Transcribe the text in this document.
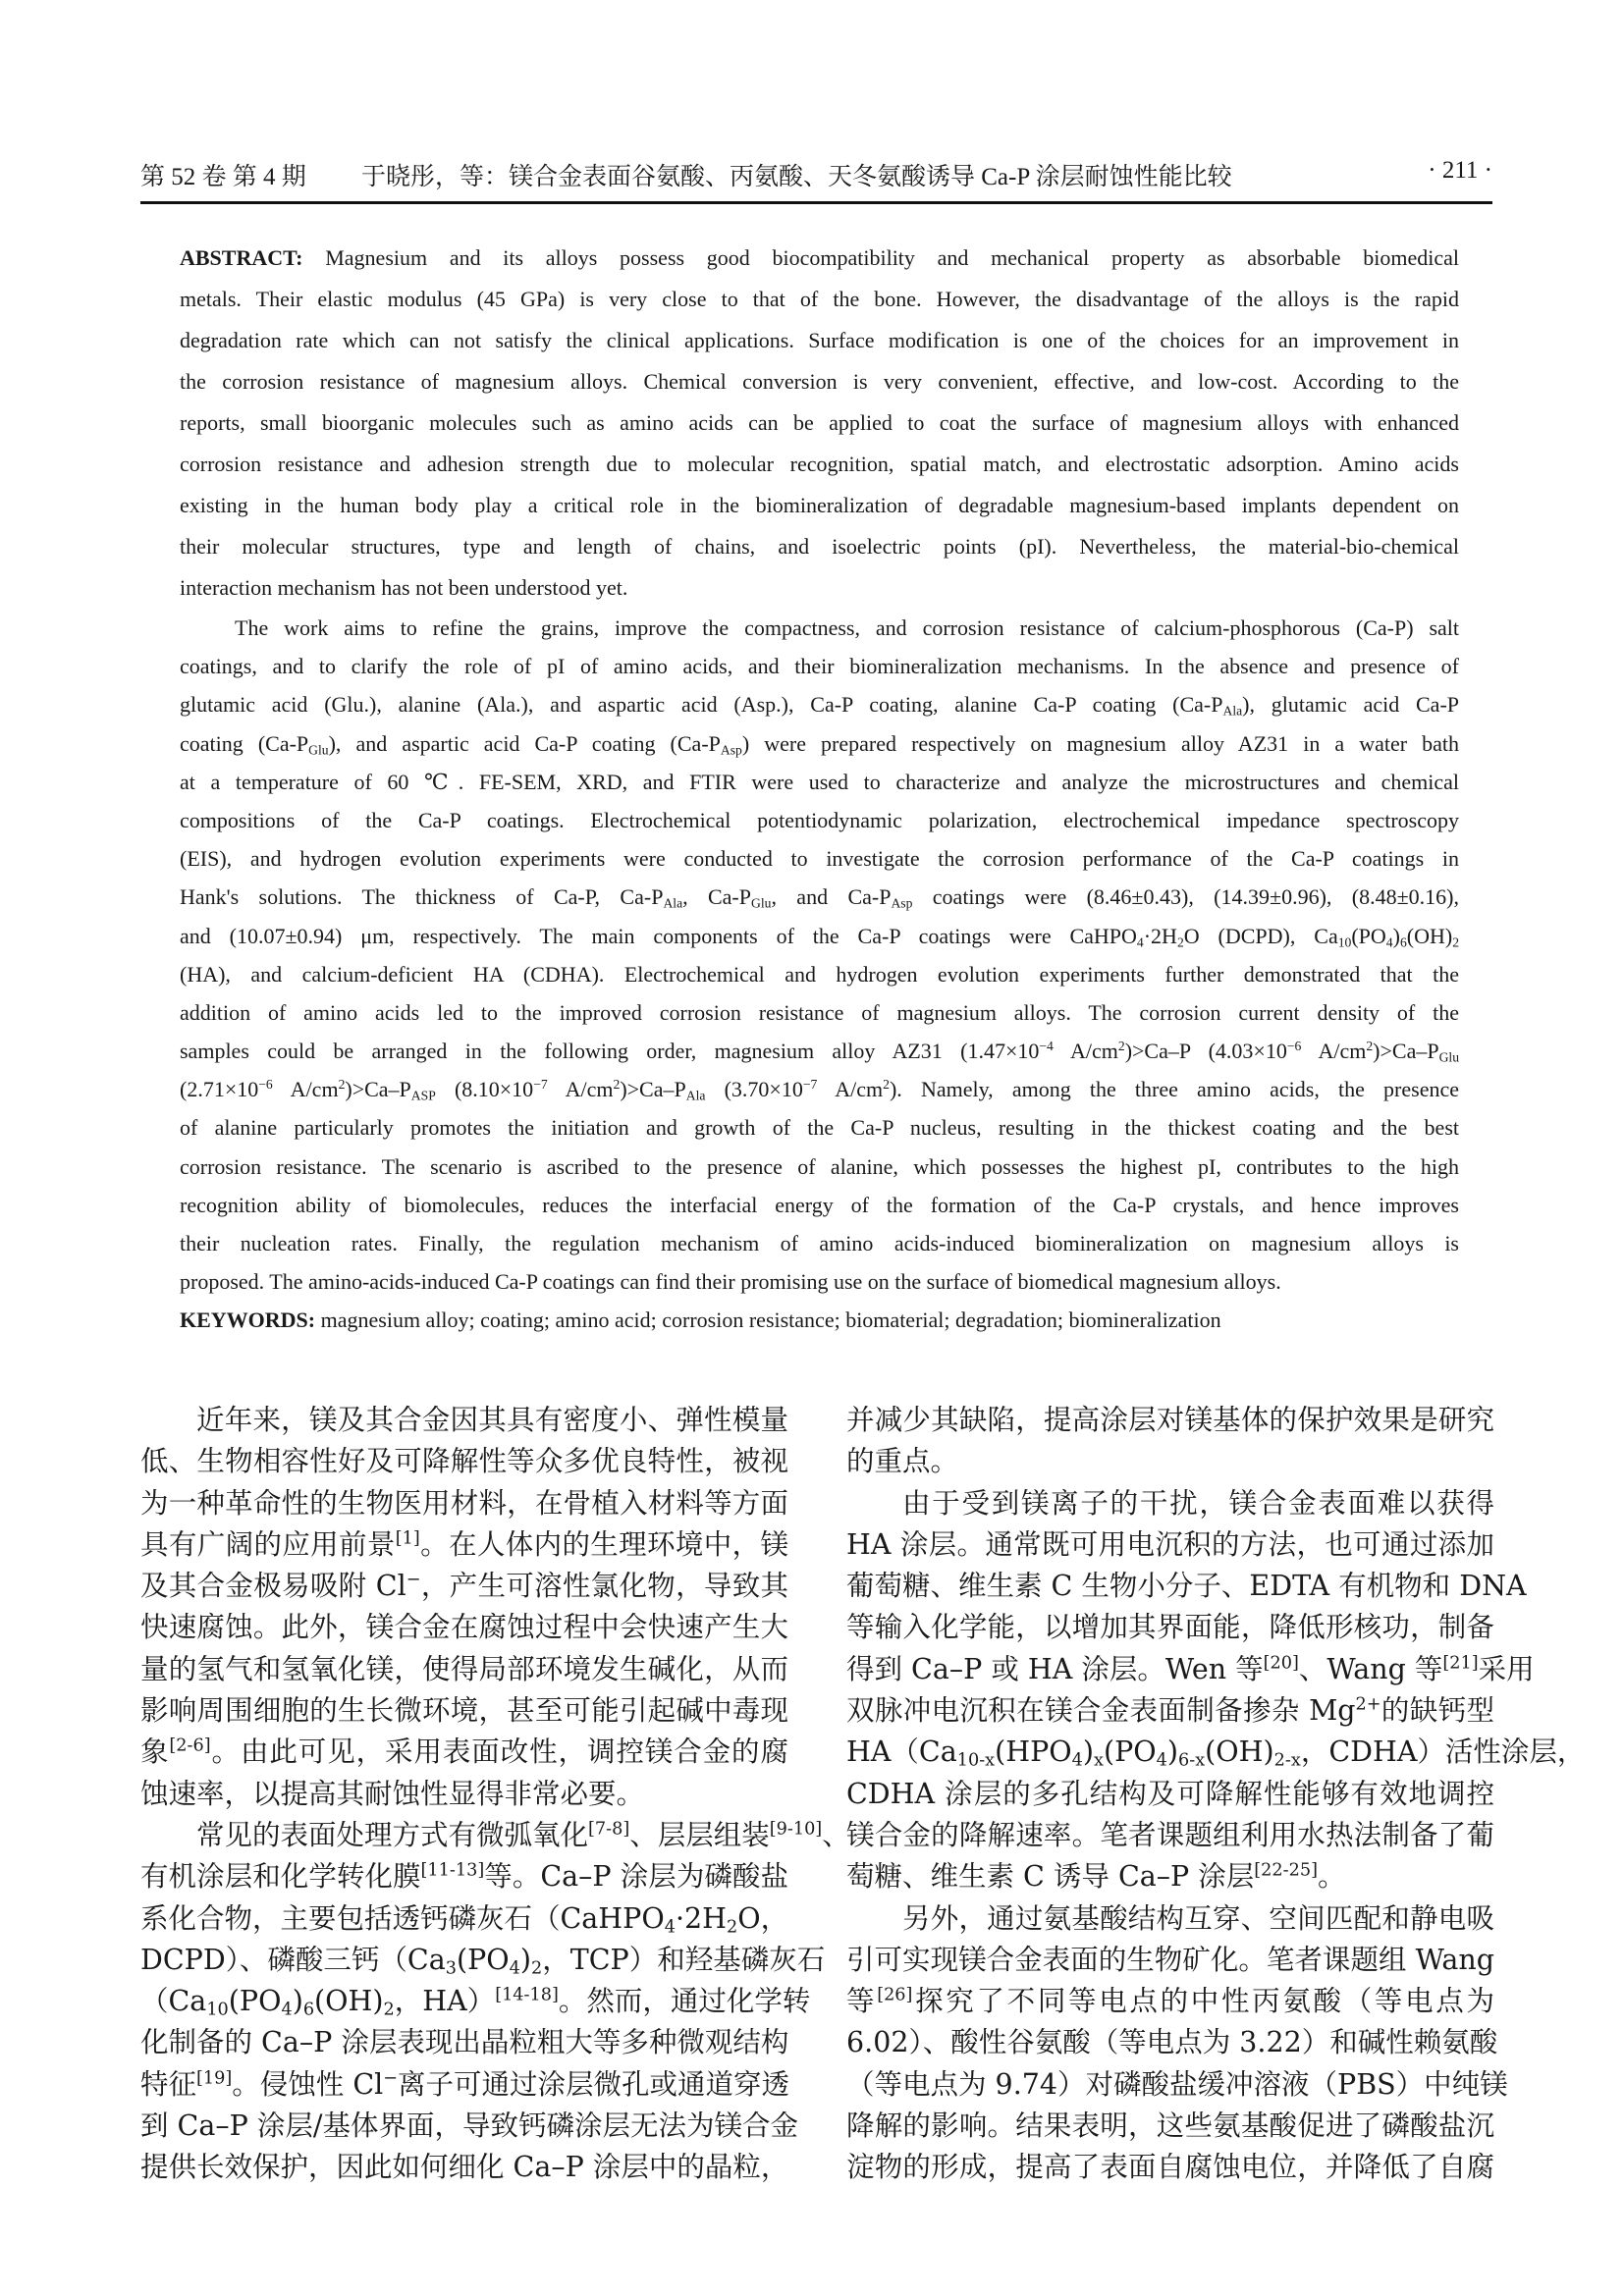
第 52 卷 第 4 期 于晓彤，等：镁合金表面谷氨酸、丙氨酸、天冬氨酸诱导 Ca-P 涂层耐蚀性能比较	· 211 ·
ABSTRACT: Magnesium and its alloys possess good biocompatibility and mechanical property as absorbable biomedical
metals. Their elastic modulus (45 GPa) is very close to that of the bone. However, the disadvantage of the alloys is the rapid
degradation rate which can not satisfy the clinical applications. Surface modification is one of the choices for an improvement in
the corrosion resistance of magnesium alloys. Chemical conversion is very convenient, effective, and low-cost. According to the
reports, small bioorganic molecules such as amino acids can be applied to coat the surface of magnesium alloys with enhanced
corrosion resistance and adhesion strength due to molecular recognition, spatial match, and electrostatic adsorption. Amino acids
existing in the human body play a critical role in the biomineralization of degradable magnesium-based implants dependent on
their molecular structures, type and length of chains, and isoelectric points (pI). Nevertheless, the material-bio-chemical
interaction mechanism has not been understood yet.
The work aims to refine the grains, improve the compactness, and corrosion resistance of calcium-phosphorous (Ca-P) salt
coatings, and to clarify the role of pI of amino acids, and their biomineralization mechanisms. In the absence and presence of
glutamic acid (Glu.), alanine (Ala.), and aspartic acid (Asp.), Ca-P coating, alanine Ca-P coating $(Ca-P_{Ala})$, glutamic acid Ca-P
coating $(Ca-P_{Glu})$, and aspartic acid Ca-P coating $(Ca-P_{Asp})$ were prepared respectively on magnesium alloy AZ31 in a water bath
at a temperature of 60 ℃. FE-SEM, XRD, and FTIR were used to characterize and analyze the microstructures and chemical
compositions of the Ca-P coatings. Electrochemical potentiodynamic polarization, electrochemical impedance spectroscopy
(EIS), and hydrogen evolution experiments were conducted to investigate the corrosion performance of the Ca-P coatings in
Hank's solutions. The thickness of Ca-P, $Ca-P_{Ala}$, $Ca-P_{Glu}$, and $Ca-P_{Asp}$ coatings were (8.46±0.43), (14.39±0.96), (8.48±0.16),
and (10.07±0.94) μm, respectively. The main components of the Ca-P coatings were $CaHPO_4\cdot 2H_2O$ (DCPD), $Ca_{10}(PO_4)_6(OH)_2$
(HA), and calcium-deficient HA (CDHA). Electrochemical and hydrogen evolution experiments further demonstrated that the
addition of amino acids led to the improved corrosion resistance of magnesium alloys. The corrosion current density of the
samples could be arranged in the following order, magnesium alloy AZ31 ($1.47\times 10^{-4}$ $A/cm^2)>Ca-P$ ($4.03\times 10^{-6}$ $A/cm^2)>Ca-P_{Glu}$
($2.71\times 10^{-6}$ $A/cm^2)>Ca-P_{ASP}$ ($8.10\times 10^{-7}$ $A/cm^2)>Ca-P_{Ala}$ ($3.70\times 10^{-7}$ $A/cm^2$). Namely, among the three amino acids, the presence
of alanine particularly promotes the initiation and growth of the Ca-P nucleus, resulting in the thickest coating and the best
corrosion resistance. The scenario is ascribed to the presence of alanine, which possesses the highest pI, contributes to the high
recognition ability of biomolecules, reduces the interfacial energy of the formation of the Ca-P crystals, and hence improves
their nucleation rates. Finally, the regulation mechanism of amino acids-induced biomineralization on magnesium alloys is
proposed. The amino-acids-induced Ca-P coatings can find their promising use on the surface of biomedical magnesium alloys.
KEYWORDS: magnesium alloy; coating; amino acid; corrosion resistance; biomaterial; degradation; biomineralization
近年来，镁及其合金因其具有密度小、弹性模量
低、生物相容性好及可降解性等众多优良特性，被视
为一种革命性的生物医用材料，在骨植入材料等方面
具有广阔的应用前景[1]。在人体内的生理环境中，镁
及其合金极易吸附 Cl−，产生可溶性氯化物，导致其
快速腐蚀。此外，镁合金在腐蚀过程中会快速产生大
量的氢气和氢氧化镁，使得局部环境发生碱化，从而
影响周围细胞的生长微环境，甚至可能引起碱中毒现
象[2-6]。由此可见，采用表面改性，调控镁合金的腐
蚀速率，以提高其耐蚀性显得非常必要。
常见的表面处理方式有微弧氧化[7-8]、层层组装[9-10]、
有机涂层和化学转化膜[11-13]等。Ca–P 涂层为磷酸盐
系化合物，主要包括透钙磷灰石（$CaHPO_4\cdot 2H_2O$，
DCPD）、磷酸三钙（$Ca_3(PO_4)_2$，TCP）和羟基磷灰石
（$Ca_{10}(PO_4)_6(OH)_2$，HA）[14-18]。然而，通过化学转
化制备的 Ca–P 涂层表现出晶粒粗大等多种微观结构
特征[19]。侵蚀性 Cl−离子可通过涂层微孔或通道穿透
到 Ca–P 涂层/基体界面，导致钙磷涂层无法为镁合金
提供长效保护，因此如何细化 Ca–P 涂层中的晶粒，
并减少其缺陷，提高涂层对镁基体的保护效果是研究
的重点。
由于受到镁离子的干扰，镁合金表面难以获得
HA 涂层。通常既可用电沉积的方法，也可通过添加
葡萄糖、维生素 C 生物小分子、EDTA 有机物和 DNA
等输入化学能，以增加其界面能，降低形核功，制备
得到 Ca–P 或 HA 涂层。Wen 等[20]、Wang 等[21]采用
双脉冲电沉积在镁合金表面制备掺杂 $Mg^{2+}$的缺钙型
$HA(Ca_{10-x}(HPO_4)_x(PO_4)_{6-x}(OH)_{2-x}$，CDHA）活性涂层，
CDHA 涂层的多孔结构及可降解性能够有效地调控
镁合金的降解速率。笔者课题组利用水热法制备了葡
萄糖、维生素 C 诱导 Ca–P 涂层[22-25]。
另外，通过氨基酸结构互穿、空间匹配和静电吸
引可实现镁合金表面的生物矿化。笔者课题组 Wang
等[26]探究了不同等电点的中性丙氨酸（等电点为
6.02）、酸性谷氨酸（等电点为 3.22）和碱性赖氨酸
（等电点为 9.74）对磷酸盐缓冲溶液（PBS）中纯镁
降解的影响。结果表明，这些氨基酸促进了磷酸盐沉
淀物的形成，提高了表面自腐蚀电位，并降低了自腐
